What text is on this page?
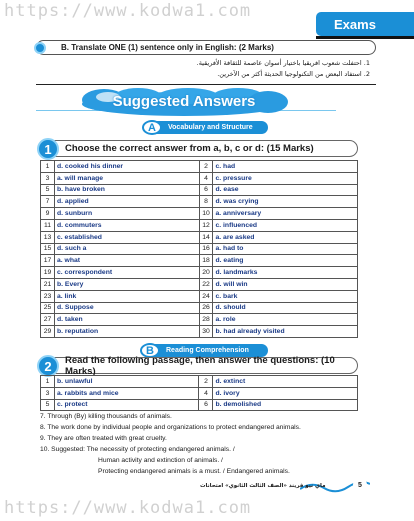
https://www.kodwa1.com
Exams
B. Translate ONE (1) sentence only in English: (2 Marks)
1. احتفلت شعوب افريقيا باختيار أسوان عاصمة للثقافة الأفريقية.
2. استفاد البعض من التكنولوجيا الحديثة أكثر من الآخرين.
Suggested Answers
A	Vocabulary and Structure
1	Choose the correct answer from a, b, c or d: (15 Marks)
1	d. cooked his dinner	2	c. had
3	a. will manage	4	c. pressure
5	b. have broken	6	d. ease
7	d. applied	8	d. was crying
9	d. sunburn	10	a. anniversary
11	d. commuters	12	c. influenced
13	c. established	14	a. are asked
15	d. such a	16	a. had to
17	a. what	18	d. eating
19	c. correspondent	20	d. landmarks
21	b. Every	22	d. will win
23	a. link	24	c. bark
25	d. Suppose	26	d. should
27	d. taken	28	a. role
29	b. reputation	30	b. had already visited
B	Reading Comprehension
2	Read the following passage, then answer the questions: (10 Marks)
1	b. unlawful	2	d. extinct
3	a. rabbits and mice	4	d. ivory
5	c. protect	6	b. demolished
7. Through (By) killing thousands of animals.
8. The work done by individual people and organizations to protect endangered animals.
9. They are often treated with great cruelty.
10. Suggested: The necessity of protecting endangered animals. /
Human activity and extinction of animals. /
Protecting endangered animals is a must. / Endangered animals.
5
ماي نيو فريند «الصف الثالث الثانوي» امتحانات
https://www.kodwa1.com
